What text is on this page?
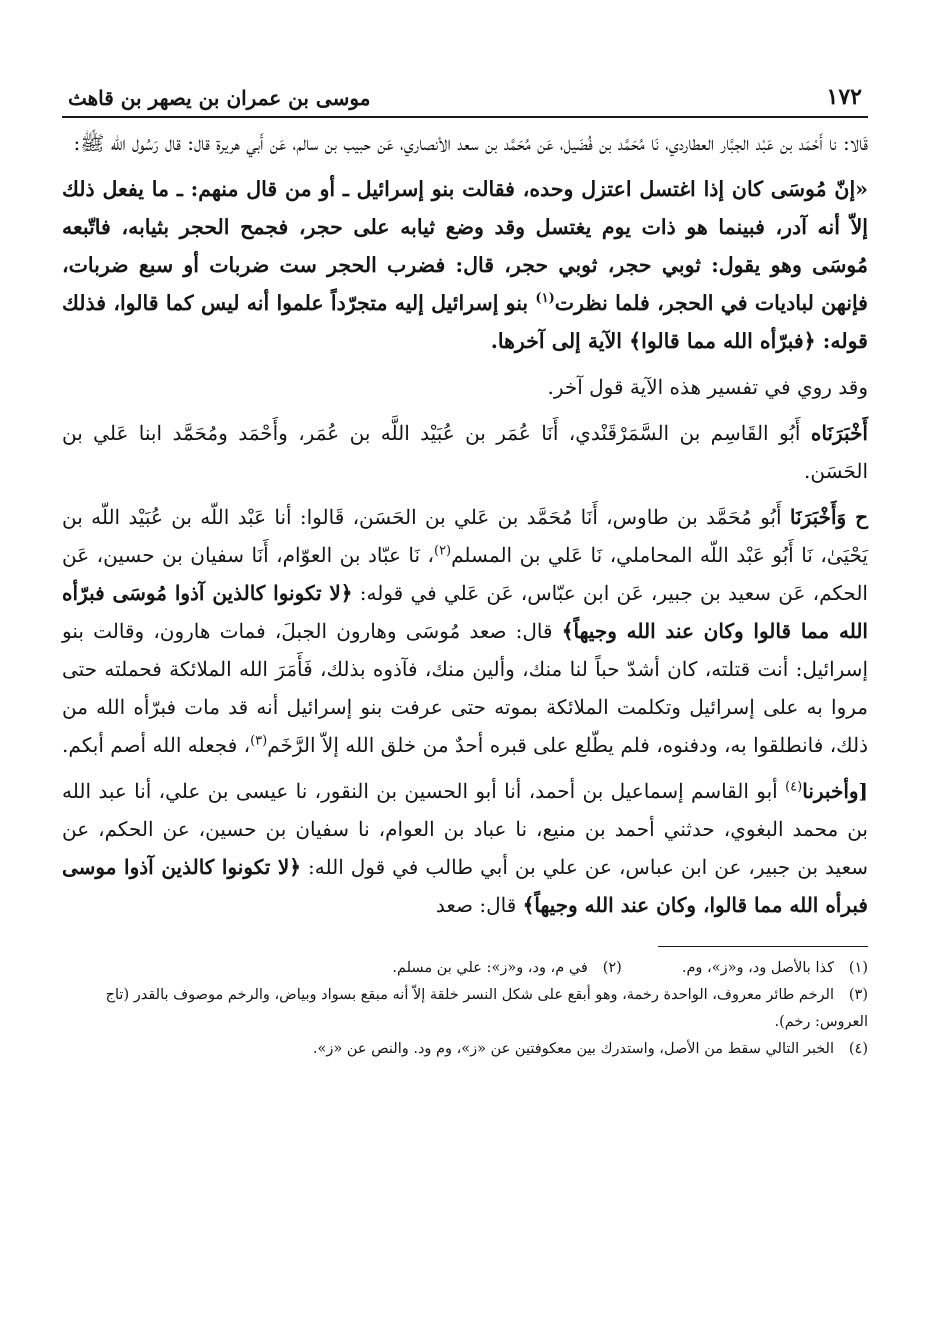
١٧٢
موسى بن عمران بن يصهر بن قاهث

قَالا: نا أَحْمَد بن عَبْد الجبَّار العطاردي، نَا مُحَمَّد بن فُضَيل، عَن مُحَمَّد بن سعد الأنصاري، عَن حبيب بن سالم، عَن أَبي هريرة قال: قال رَسُول الله ﷺ:

«إنّ مُوسَى كان إذا اغتسل اعتزل وحده، فقالت بنو إسرائيل ـ أو من قال منهم: ـ ما يفعل ذلك إلاّ أنه آدر، فبينما هو ذات يوم يغتسل وقد وضع ثيابه على حجر، فجمح الحجر بثيابه، فاتّبعه مُوسَى وهو يقول: ثوبي حجر، ثوبي حجر، قال: فضرب الحجر ست ضربات أو سبع ضربات، فإنهن لباديات في الحجر، فلما نظرت$^{(١)}$ بنو إسرائيل إليه متجرّداً علموا أنه ليس كما قالوا، فذلك قوله: ﴿فبرّأه الله مما قالوا﴾ الآية إلى آخرها.

وقد روي في تفسير هذه الآية قول آخر.

أَخْبَرَنَاه أَبُو القَاسِم بن السَّمَرْقَنْدي، أَنَا عُمَر بن عُبَيْد اللَّه بن عُمَر، وأَحْمَد ومُحَمَّد ابنا عَلي بن الحَسَن.

ح وَأَخْبَرَنَا أَبُو مُحَمَّد بن طاوس، أَنَا مُحَمَّد بن عَلي بن الحَسَن، قَالوا: أنا عَبْد اللّه بن عُبَيْد اللّه بن يَحْيَىٰ، نَا أَبُو عَبْد اللّه المحاملي، نَا عَلي بن المسلم$^{(٢)}$، نَا عبّاد بن العوّام، أَنَا سفيان بن حسين، عَن الحكم، عَن سعيد بن جبير، عَن ابن عبّاس، عَن عَلي في قوله: ﴿لا تكونوا كالذين آذوا مُوسَى فبرّأه الله مما قالوا وكان عند الله وجيهاً﴾ قال: صعد مُوسَى وهارون الجبلَ، فمات هارون، وقالت بنو إسرائيل: أنت قتلته، كان أشدّ حباً لنا منك، وألين منك، فآذوه بذلك، فَأَمَرَ الله الملائكة فحملته حتى مروا به على إسرائيل وتكلمت الملائكة بموته حتى عرفت بنو إسرائيل أنه قد مات فبرّأه الله من ذلك، فانطلقوا به، ودفنوه، فلم يطّلع على قبره أحدٌ من خلق الله إلاّ الرَّخَم$^{(٣)}$، فجعله الله أصم أبكم.

[وأخبرنا$^{(٤)}$ أبو القاسم إسماعيل بن أحمد، أنا أبو الحسين بن النقور، نا عيسى بن علي، أنا عبد الله بن محمد البغوي، حدثني أحمد بن منيع، نا عباد بن العوام، نا سفيان بن حسين، عن الحكم، عن سعيد بن جبير، عن ابن عباس، عن علي بن أبي طالب في قول الله: ﴿لا تكونوا كالذين آذوا موسى فبرأه الله مما قالوا، وكان عند الله وجيهاً﴾ قال: صعد

(١)كذا بالأصل ود، و«ز»، وم.

(٢)في م، ود، و«ز»: علي بن مسلم.

(٣)الرخم طائر معروف، الواحدة رخمة، وهو أبقع على شكل النسر خلقة إلاّ أنه مبقع بسواد وبياض، والرخم موصوف بالقدر (تاج العروس: رخم).

(٤)الخبر التالي سقط من الأصل، واستدرك بين معكوفتين عن «ز»، وم ود. والنص عن «ز».
